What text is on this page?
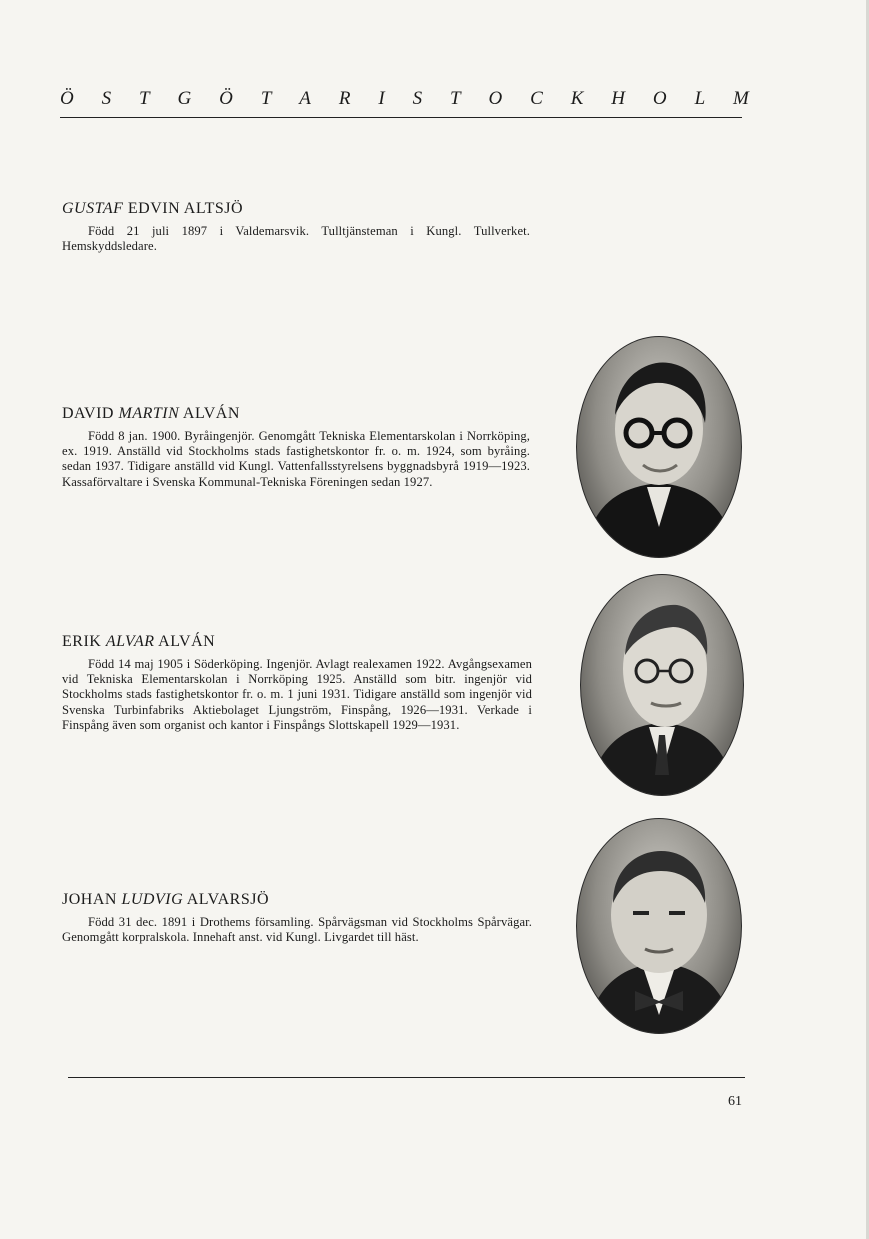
Ö S T G Ö T A R I S T O C K H O L M
GUSTAF EDVIN ALTSJÖ

Född 21 juli 1897 i Valdemarsvik. Tulltjänsteman i Kungl. Tullverket. Hemskyddsledare.

DAVID MARTIN ALVÁN

Född 8 jan. 1900. Byråingenjör. Genomgått Tekniska Elementarskolan i Norrköping, ex. 1919. Anställd vid Stockholms stads fastighetskontor fr. o. m. 1924, som byråing. sedan 1937. Tidigare anställd vid Kungl. Vattenfallsstyrelsens byggnadsbyrå 1919—1923. Kassaförvaltare i Svenska Kommunal-Tekniska Föreningen sedan 1927.

ERIK ALVAR ALVÁN

Född 14 maj 1905 i Söderköping. Ingenjör. Avlagt realexamen 1922. Avgångsexamen vid Tekniska Elementarskolan i Norrköping 1925. Anställd som bitr. ingenjör vid Stockholms stads fastighetskontor fr. o. m. 1 juni 1931. Tidigare anställd som ingenjör vid Svenska Turbinfabriks Aktiebolaget Ljungström, Finspång, 1926—1931. Verkade i Finspång även som organist och kantor i Finspångs Slottskapell 1929—1931.

JOHAN LUDVIG ALVARSJÖ

Född 31 dec. 1891 i Drothems församling. Spårvägsman vid Stockholms Spårvägar. Genomgått korpralskola. Innehaft anst. vid Kungl. Livgardet till häst.

61
